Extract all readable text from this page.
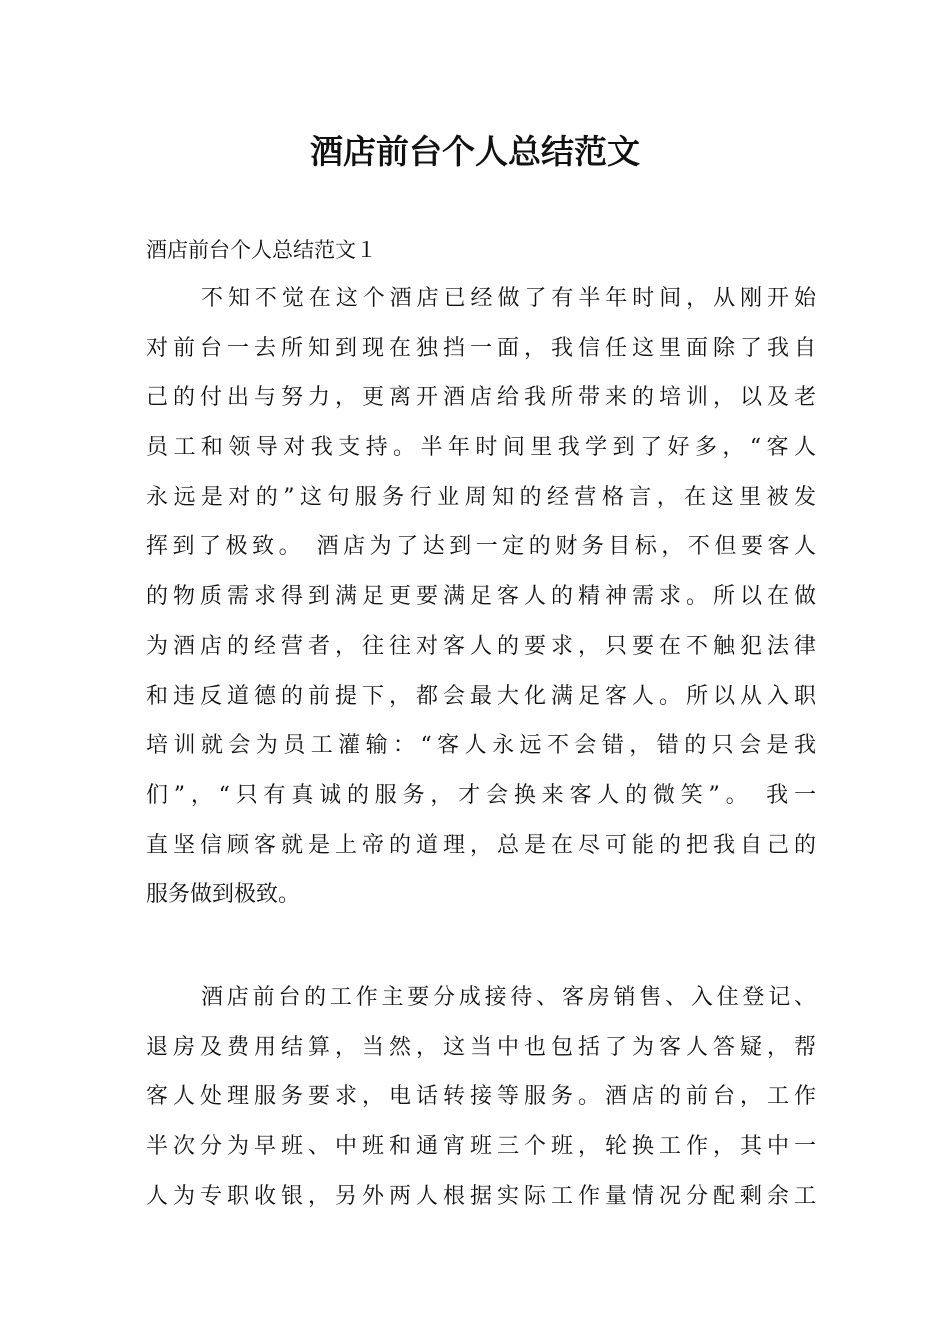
酒店前台个人总结范文

酒店前台个人总结范文１

不知不觉在这个酒店已经做了有半年时间，从刚开始
对前台一去所知到现在独挡一面，我信任这里面除了我自
己的付出与努力，更离开酒店给我所带来的培训，以及老
员工和领导对我支持。半年时间里我学到了好多，“客人
永远是对的”这句服务行业周知的经营格言，在这里被发
挥到了极致。 酒店为了达到一定的财务目标，不但要客人
的物质需求得到满足更要满足客人的精神需求。所以在做
为酒店的经营者，往往对客人的要求，只要在不触犯法律
和违反道德的前提下，都会最大化满足客人。所以从入职
培训就会为员工灌输：“客人永远不会错，错的只会是我
们”，“只有真诚的服务，才会换来客人的微笑”。 我一
直坚信顾客就是上帝的道理，总是在尽可能的把我自己的
服务做到极致。
酒店前台的工作主要分成接待、客房销售、入住登记、
退房及费用结算，当然，这当中也包括了为客人答疑，帮
客人处理服务要求，电话转接等服务。酒店的前台，工作
半次分为早班、中班和通宵班三个班，轮换工作，其中一
人为专职收银，另外两人根据实际工作量情况分配剩余工
